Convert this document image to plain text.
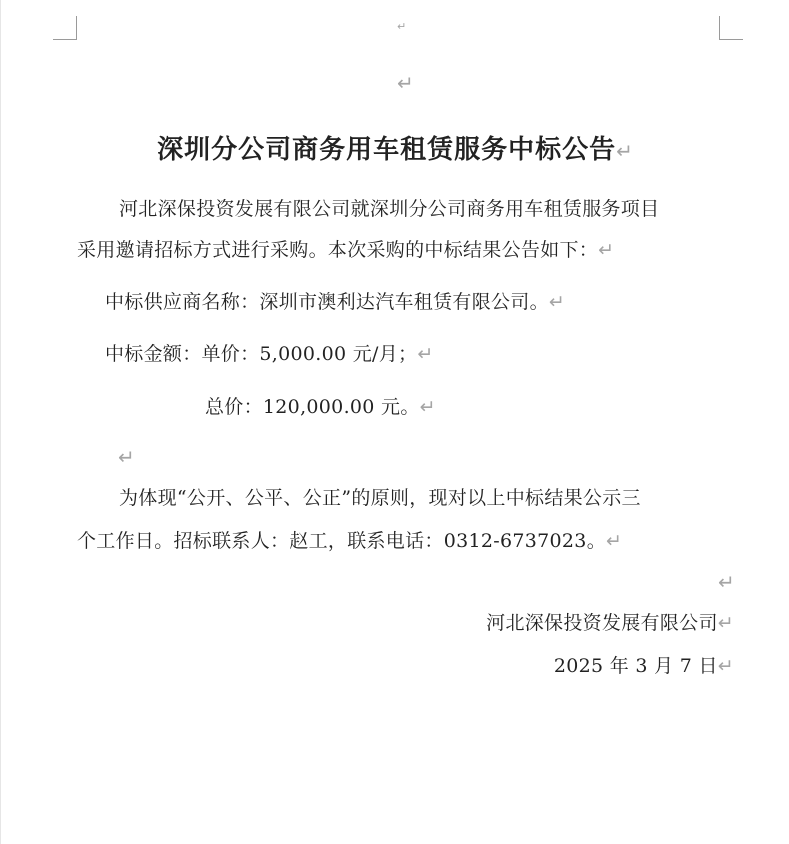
↵
↵
深圳分公司商务用车租赁服务中标公告↵
河北深保投资发展有限公司就深圳分公司商务用车租赁服务项目
采用邀请招标方式进行采购。本次采购的中标结果公告如下：↵
中标供应商名称：深圳市澳利达汽车租赁有限公司。↵
中标金额：单价：5,000.00 元/月；↵
总价：120,000.00 元。↵
↵
为体现“公开、公平、公正”的原则，现对以上中标结果公示三
个工作日。招标联系人：赵工，联系电话：0312-6737023。↵
↵
河北深保投资发展有限公司↵
2025 年 3 月 7 日↵
